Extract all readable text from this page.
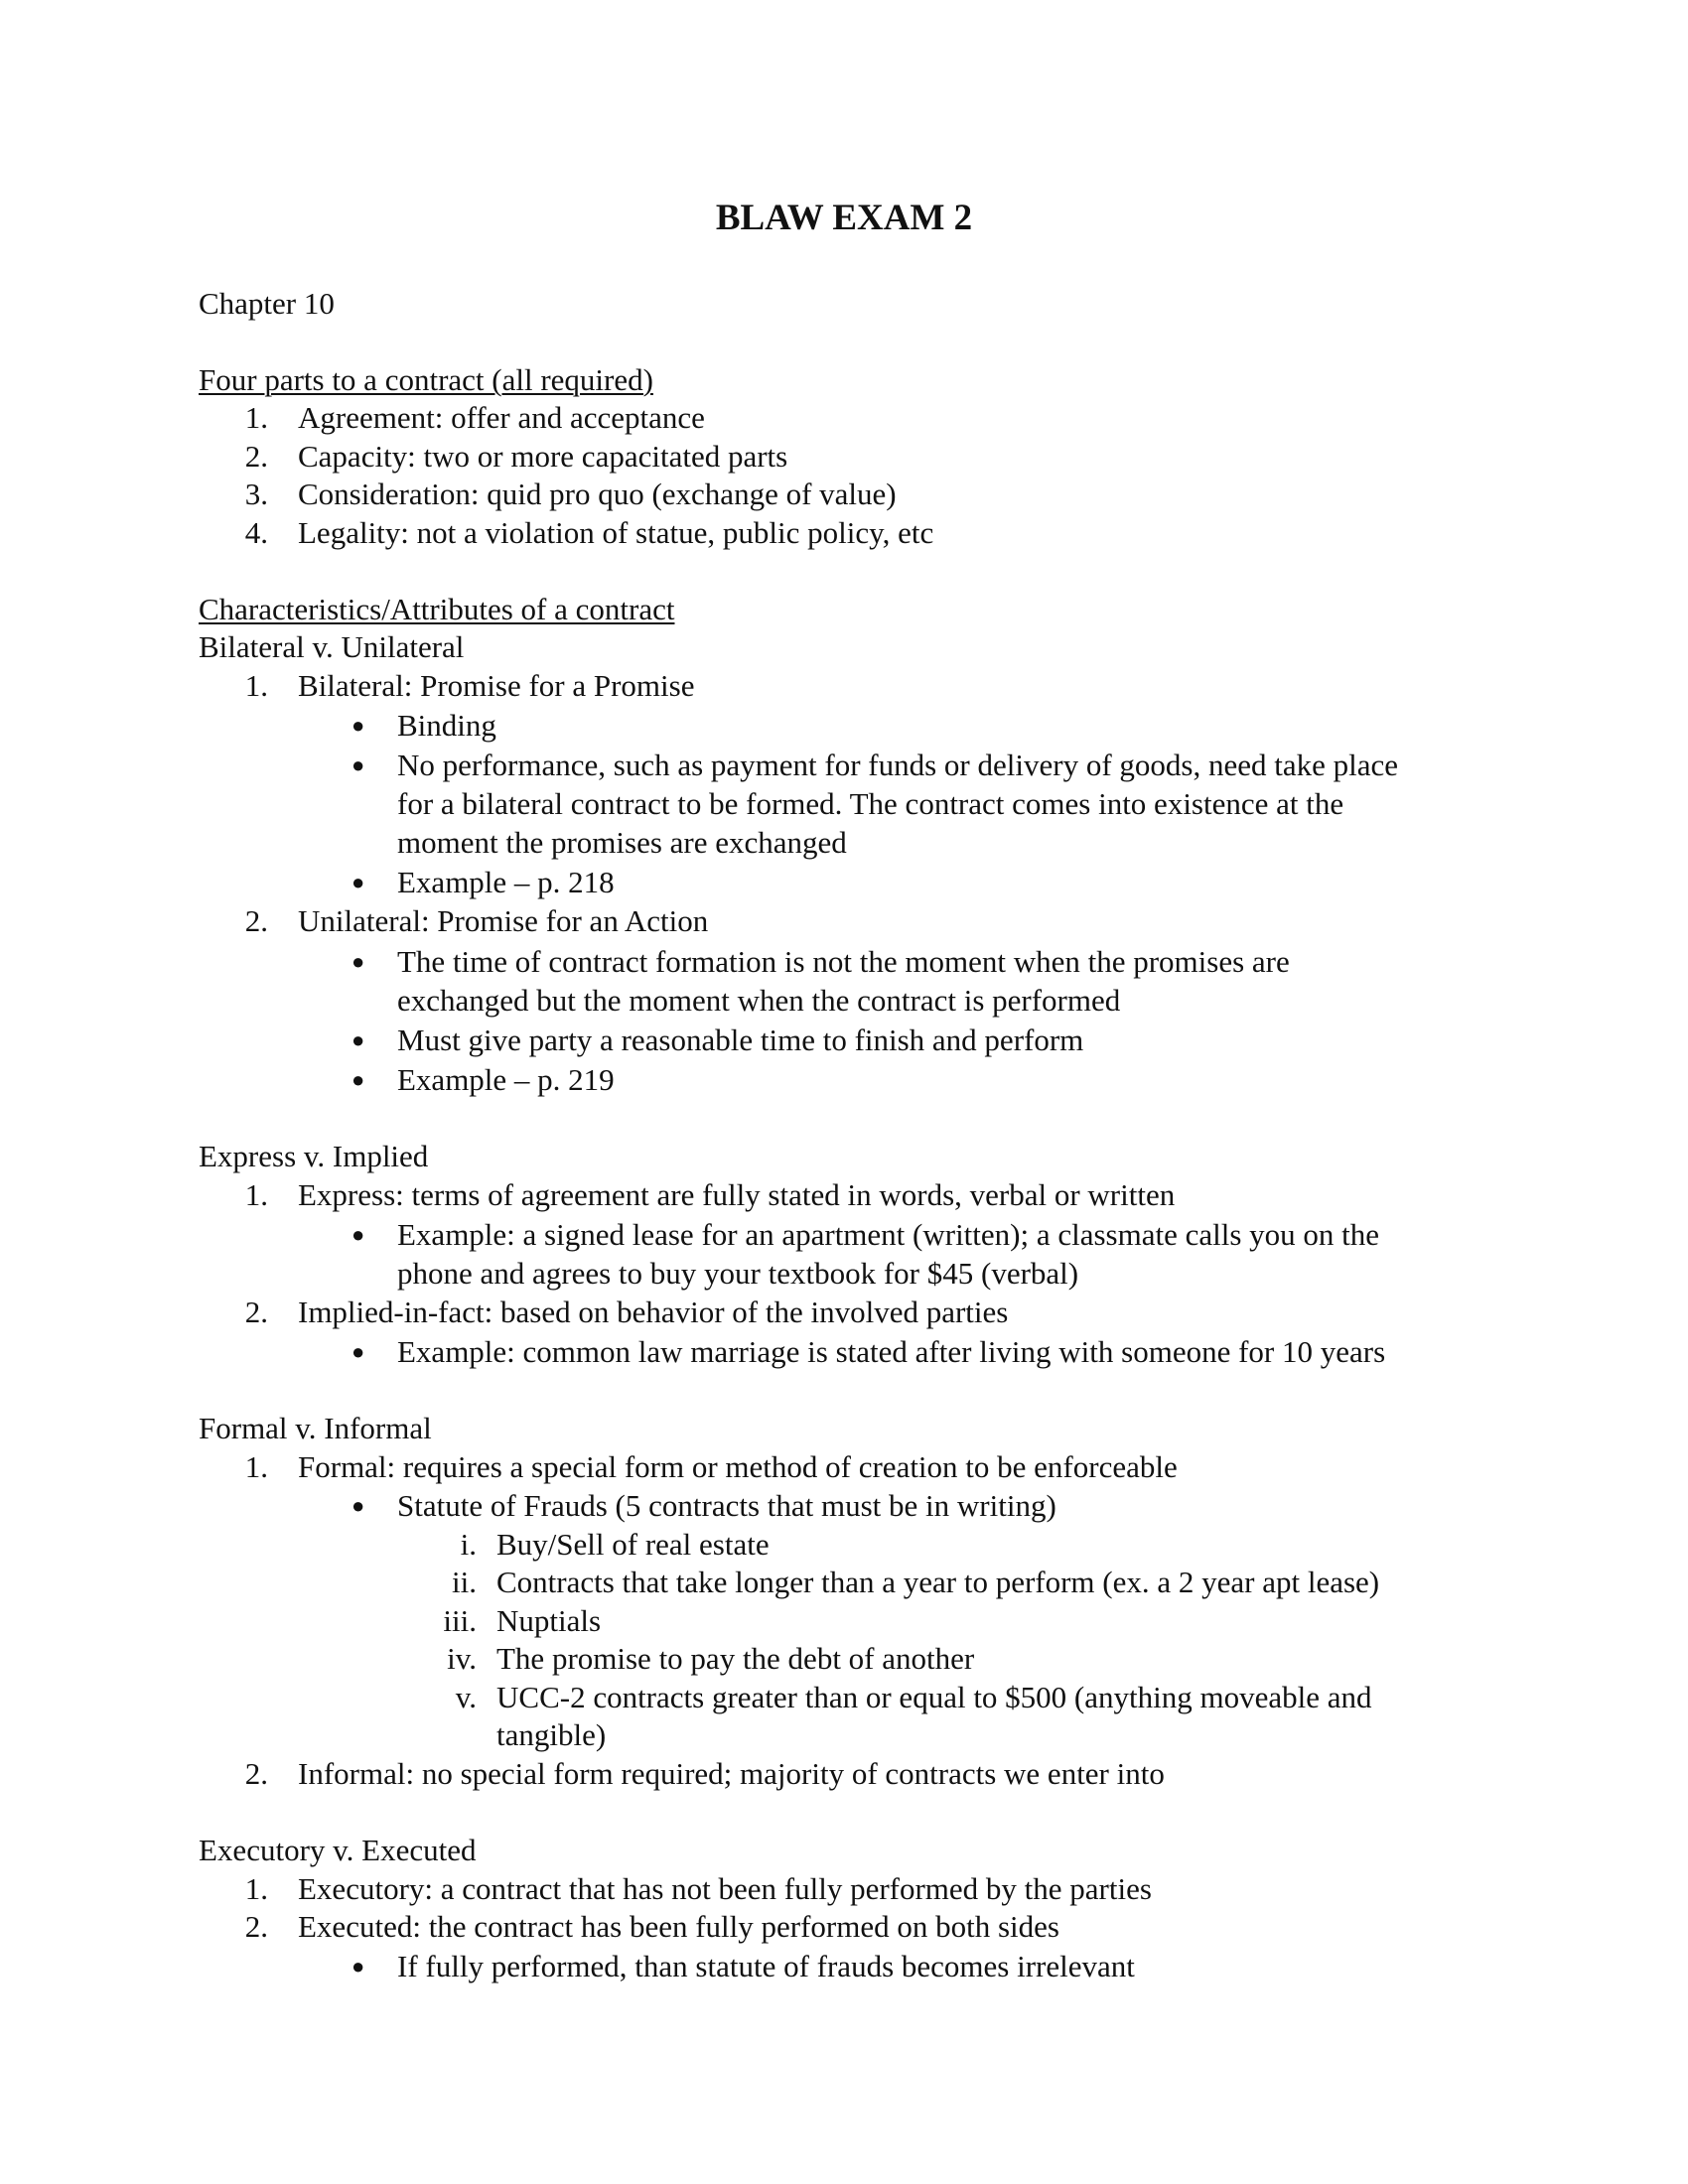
BLAW EXAM 2
Chapter 10
Four parts to a contract (all required)
1. Agreement: offer and acceptance
2. Capacity: two or more capacitated parts
3. Consideration: quid pro quo (exchange of value)
4. Legality: not a violation of statue, public policy, etc
Characteristics/Attributes of a contract
Bilateral v. Unilateral
1. Bilateral: Promise for a Promise
● Binding
● No performance, such as payment for funds or delivery of goods, need take place
for a bilateral contract to be formed. The contract comes into existence at the
moment the promises are exchanged
● Example – p. 218
2. Unilateral: Promise for an Action
● The time of contract formation is not the moment when the promises are
exchanged but the moment when the contract is performed
● Must give party a reasonable time to finish and perform
● Example – p. 219
Express v. Implied
1. Express: terms of agreement are fully stated in words, verbal or written
● Example: a signed lease for an apartment (written); a classmate calls you on the
phone and agrees to buy your textbook for $45 (verbal)
2. Implied-in-fact: based on behavior of the involved parties
● Example: common law marriage is stated after living with someone for 10 years
Formal v. Informal
1. Formal: requires a special form or method of creation to be enforceable
● Statute of Frauds (5 contracts that must be in writing)
i. Buy/Sell of real estate
ii. Contracts that take longer than a year to perform (ex. a 2 year apt lease)
iii. Nuptials
iv. The promise to pay the debt of another
v. UCC-2 contracts greater than or equal to $500 (anything moveable and
tangible)
2. Informal: no special form required; majority of contracts we enter into
Executory v. Executed
1. Executory: a contract that has not been fully performed by the parties
2. Executed: the contract has been fully performed on both sides
● If fully performed, than statute of frauds becomes irrelevant
